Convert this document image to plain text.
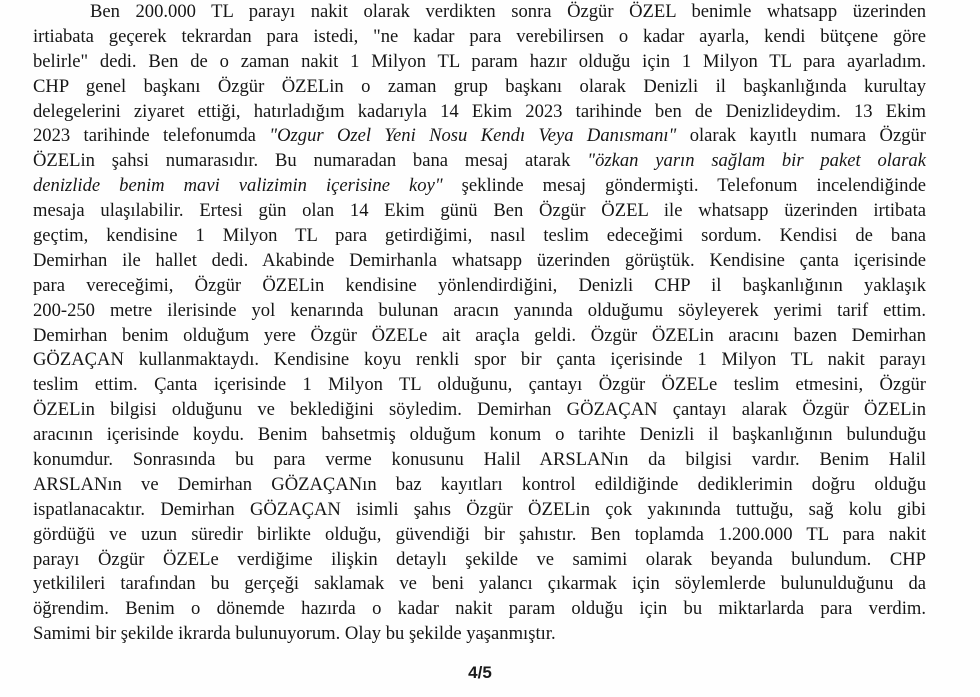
Ben 200.000 TL parayı nakit olarak verdikten sonra Özgür ÖZEL benimle whatsapp üzerinden
irtiabata geçerek tekrardan para istedi, "ne kadar para verebilirsen o kadar ayarla, kendi bütçene göre
belirle" dedi. Ben de o zaman nakit 1 Milyon TL param hazır olduğu için 1 Milyon TL para ayarladım.
CHP genel başkanı Özgür ÖZELin o zaman grup başkanı olarak Denizli il başkanlığında kurultay
delegelerini ziyaret ettiği, hatırladığım kadarıyla 14 Ekim 2023 tarihinde ben de Denizlideydim. 13 Ekim
2023 tarihinde telefonumda "Ozgur Ozel Yeni Nosu Kendı Veya Danısmanı" olarak kayıtlı numara Özgür
ÖZELin şahsi numarasıdır. Bu numaradan bana mesaj atarak "özkan yarın sağlam bir paket olarak
denizlide benim mavi valizimin içerisine koy" şeklinde mesaj göndermişti. Telefonum incelendiğinde
mesaja ulaşılabilir. Ertesi gün olan 14 Ekim günü Ben Özgür ÖZEL ile whatsapp üzerinden irtibata
geçtim, kendisine 1 Milyon TL para getirdiğimi, nasıl teslim edeceğimi sordum. Kendisi de bana
Demirhan ile hallet dedi. Akabinde Demirhanla whatsapp üzerinden görüştük. Kendisine çanta içerisinde
para vereceğimi, Özgür ÖZELin kendisine yönlendirdiğini, Denizli CHP il başkanlığının yaklaşık
200-250 metre ilerisinde yol kenarında bulunan aracın yanında olduğumu söyleyerek yerimi tarif ettim.
Demirhan benim olduğum yere Özgür ÖZELe ait araçla geldi. Özgür ÖZELin aracını bazen Demirhan
GÖZAÇAN kullanmaktaydı. Kendisine koyu renkli spor bir çanta içerisinde 1 Milyon TL nakit parayı
teslim ettim. Çanta içerisinde 1 Milyon TL olduğunu, çantayı Özgür ÖZELe teslim etmesini, Özgür
ÖZELin bilgisi olduğunu ve beklediğini söyledim. Demirhan GÖZAÇAN çantayı alarak Özgür ÖZELin
aracının içerisinde koydu. Benim bahsetmiş olduğum konum o tarihte Denizli il başkanlığının bulunduğu
konumdur. Sonrasında bu para verme konusunu Halil ARSLANın da bilgisi vardır. Benim Halil
ARSLANın ve Demirhan GÖZAÇANın baz kayıtları kontrol edildiğinde dediklerimin doğru olduğu
ispatlanacaktır. Demirhan GÖZAÇAN isimli şahıs Özgür ÖZELin çok yakınında tuttuğu, sağ kolu gibi
gördüğü ve uzun süredir birlikte olduğu, güvendiği bir şahıstır. Ben toplamda 1.200.000 TL para nakit
parayı Özgür ÖZELe verdiğime ilişkin detaylı şekilde ve samimi olarak beyanda bulundum. CHP
yetkilileri tarafından bu gerçeği saklamak ve beni yalancı çıkarmak için söylemlerde bulunulduğunu da
öğrendim. Benim o dönemde hazırda o kadar nakit param olduğu için bu miktarlarda para verdim.
Samimi bir şekilde ikrarda bulunuyorum. Olay bu şekilde yaşanmıştır.
4/5
